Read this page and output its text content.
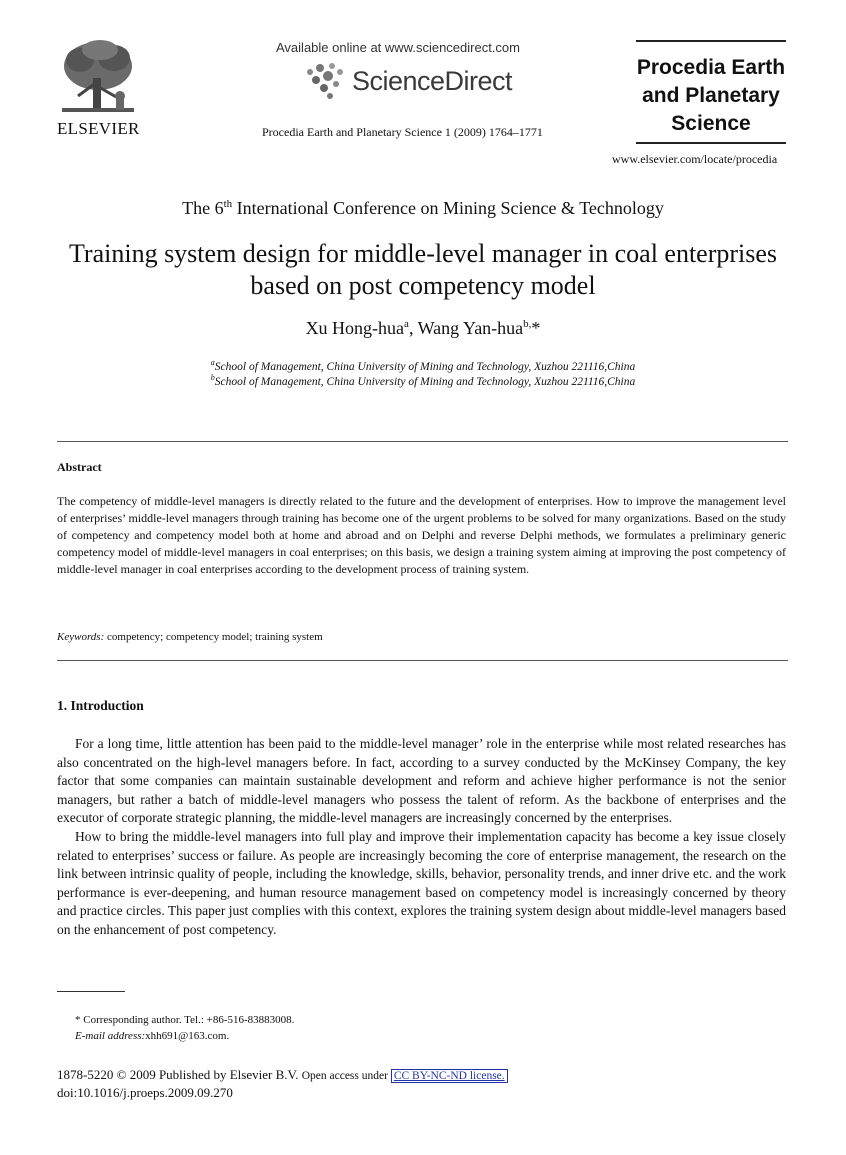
ELSEVIER
Available online at www.sciencedirect.com
ScienceDirect
Procedia Earth and Planetary Science 1 (2009) 1764–1771
Procedia Earth
and Planetary
Science
www.elsevier.com/locate/procedia
The 6th International Conference on Mining Science & Technology
Training system design for middle-level manager in coal enterprises
based on post competency model
Xu Hong-hua$^a$, Wang Yan-hua$^{b,}$*
$^a$School of Management, China University of Mining and Technology, Xuzhou 221116,China
$^b$School of Management, China University of Mining and Technology, Xuzhou 221116,China
Abstract
The competency of middle-level managers is directly related to the future and the development of enterprises. How to improve the management level of enterprises’ middle-level managers through training has become one of the urgent problems to be solved for many organizations. Based on the study of competency and competency model both at home and abroad and on Delphi and reverse Delphi methods, we formulates a preliminary generic competency model of middle-level managers in coal enterprises; on this basis, we design a training system aiming at improving the post competency of middle-level manager in coal enterprises according to the development process of training system.
Keywords: competency; competency model; training system
1. Introduction

For a long time, little attention has been paid to the middle-level manager’ role in the enterprise while most related researches has also concentrated on the high-level managers before. In fact, according to a survey conducted by the McKinsey Company, the key factor that some companies can maintain sustainable development and reform and achieve higher performance is not the senior managers, but rather a batch of middle-level managers who possess the talent of reform. As the backbone of enterprises and the executor of corporate strategic planning, the middle-level managers are increasingly concerned by the enterprises.

How to bring the middle-level managers into full play and improve their implementation capacity has become a key issue closely related to enterprises’ success or failure. As people are increasingly becoming the core of enterprise management, the research on the link between intrinsic quality of people, including the knowledge, skills, behavior, personality trends, and inner drive etc. and the work performance is ever-deepening, and human resource management based on competency model is increasingly concerned by theory and practice circles. This paper just complies with this context, explores the training system design about middle-level managers based on the enhancement of post competency.

* Corresponding author. Tel.: +86-516-83883008.
E-mail address:xhh691@163.com.
1878-5220 © 2009 Published by Elsevier B.V. Open access under CC BY-NC-ND license.
doi:10.1016/j.proeps.2009.09.270
